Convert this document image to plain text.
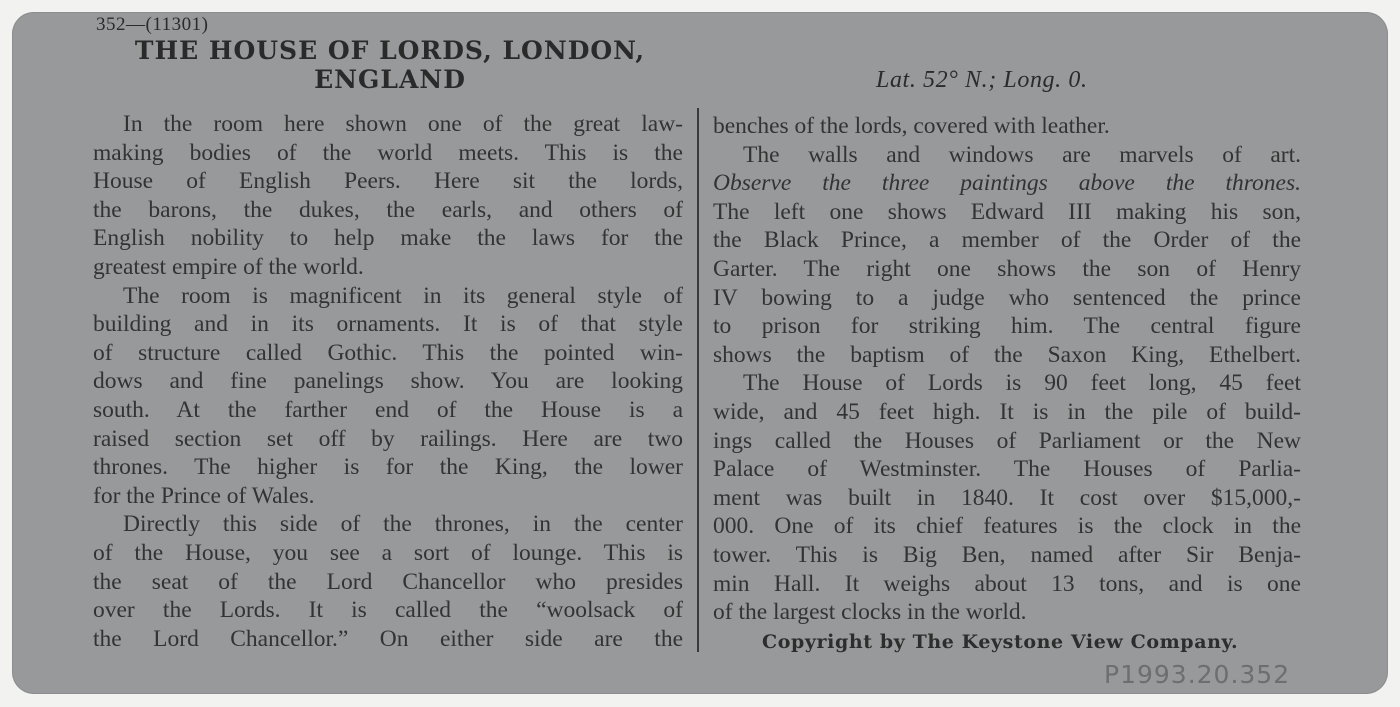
352—(11301)
THE HOUSE OF LORDS, LONDON,
ENGLAND	Lat. 52° N.; Long. 0.

In the room here shown one of the great law-
making bodies of the world meets. This is the
House of English Peers. Here sit the lords,
the barons, the dukes, the earls, and others of
English nobility to help make the laws for the
greatest empire of the world.

The room is magnificent in its general style of
building and in its ornaments. It is of that style
of structure called Gothic. This the pointed win-
dows and fine panelings show. You are looking
south. At the farther end of the House is a
raised section set off by railings. Here are two
thrones. The higher is for the King, the lower
for the Prince of Wales.

Directly this side of the thrones, in the center
of the House, you see a sort of lounge. This is
the seat of the Lord Chancellor who presides
over the Lords. It is called the “woolsack of
the Lord Chancellor.” On either side are the

benches of the lords, covered with leather.

The walls and windows are marvels of art.
Observe the three paintings above the thrones.
The left one shows Edward III making his son,
the Black Prince, a member of the Order of the
Garter. The right one shows the son of Henry
IV bowing to a judge who sentenced the prince
to prison for striking him. The central figure
shows the baptism of the Saxon King, Ethelbert.

The House of Lords is 90 feet long, 45 feet
wide, and 45 feet high. It is in the pile of build-
ings called the Houses of Parliament or the New
Palace of Westminster. The Houses of Parlia-
ment was built in 1840. It cost over $15,000,-
000. One of its chief features is the clock in the
tower. This is Big Ben, named after Sir Benja-
min Hall. It weighs about 13 tons, and is one
of the largest clocks in the world.

Copyright by The Keystone View Company.
P1993.20.352
